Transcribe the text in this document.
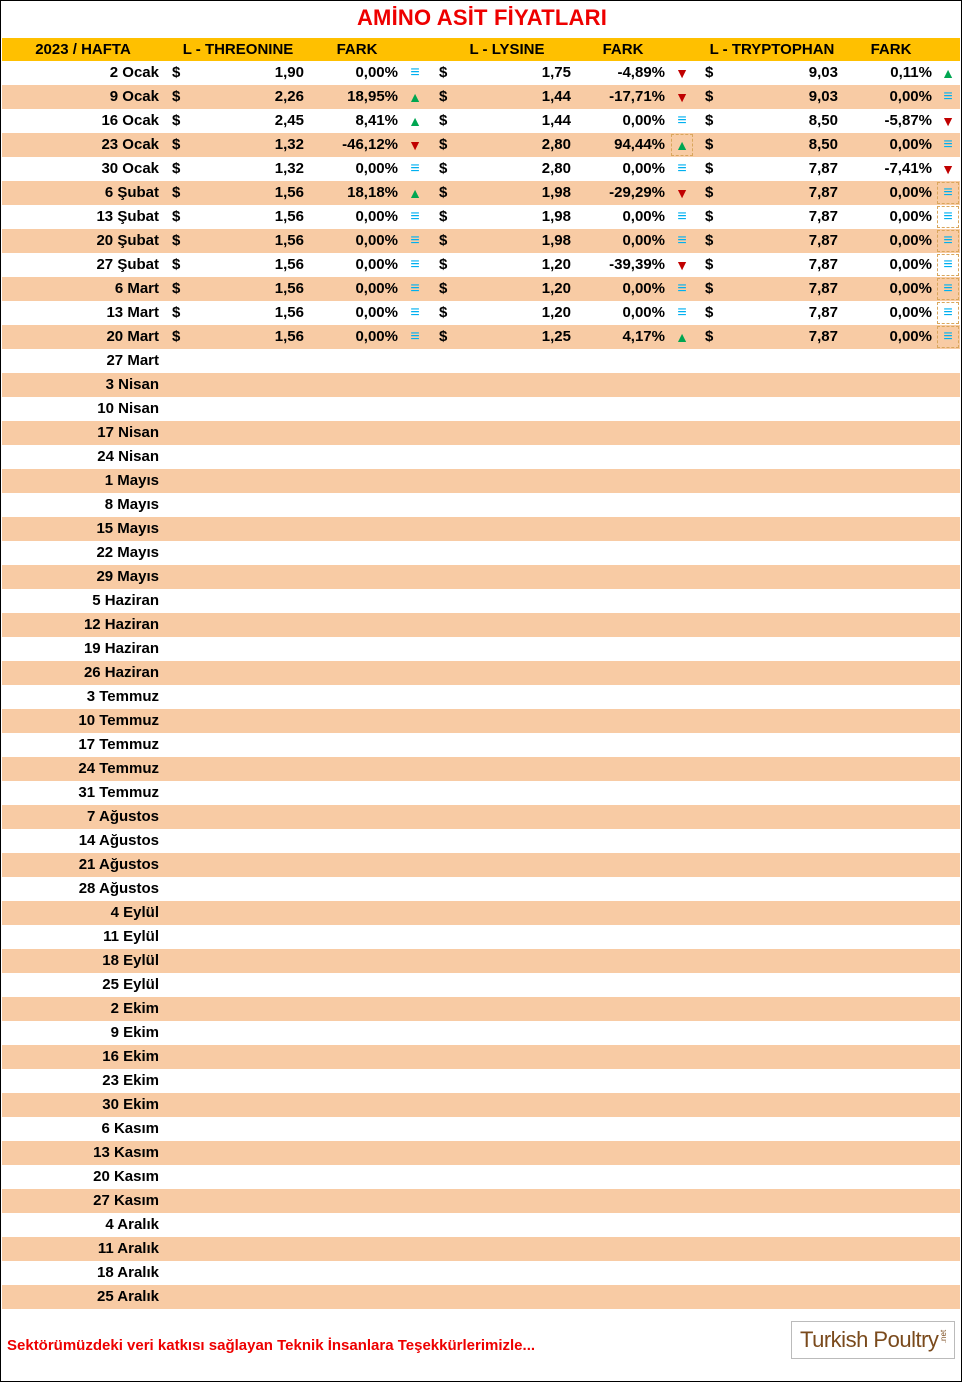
AMİNO ASİT FİYATLARI
2023 / HAFTA	L - THREONINE	FARK	L - LYSINE	FARK	L - TRYPTOPHAN	FARK
2 Ocak $	1,90	0,00% ≡	$	1,75	-4,89% ▼	$	9,03	0,11% ▲
9 Ocak $	2,26	18,95% ▲ $	1,44	-17,71% ▼	$	9,03	0,00% ≡
16 Ocak $	2,45	8,41% ▲ $	1,44	0,00% ≡	$	8,50	-5,87% ▼
23 Ocak $	1,32	-46,12% ▼ $	2,80	94,44% ▲	$	8,50	0,00% ≡
30 Ocak $	1,32	0,00% ≡	$	2,80	0,00% ≡	$	7,87	-7,41% ▼
6 Şubat $	1,56	18,18% ▲ $	1,98	-29,29% ▼	$	7,87	0,00% ≡
13 Şubat $	1,56	0,00% ≡	$	1,98	0,00% ≡	$	7,87	0,00% ≡
20 Şubat $	1,56	0,00% ≡	$	1,98	0,00% ≡	$	7,87	0,00% ≡
27 Şubat $	1,56	0,00% ≡	$	1,20	-39,39% ▼	$	7,87	0,00% ≡
6 Mart $	1,56	0,00% ≡	$	1,20	0,00% ≡	$	7,87	0,00% ≡
13 Mart $	1,56	0,00% ≡	$	1,20	0,00% ≡	$	7,87	0,00% ≡
20 Mart $	1,56	0,00% ≡	$	1,25	4,17% ▲	$	7,87	0,00% ≡
27 Mart
3 Nisan
10 Nisan
17 Nisan
24 Nisan
1 Mayıs
8 Mayıs
15 Mayıs
22 Mayıs
29 Mayıs
5 Haziran
12 Haziran
19 Haziran
26 Haziran
3 Temmuz
10 Temmuz
17 Temmuz
24 Temmuz
31 Temmuz
7 Ağustos
14 Ağustos
21 Ağustos
28 Ağustos
4 Eylül
11 Eylül
18 Eylül
25 Eylül
2 Ekim
9 Ekim
16 Ekim
23 Ekim
30 Ekim
6 Kasım
13 Kasım
20 Kasım
27 Kasım
4 Aralık
11 Aralık
18 Aralık
25 Aralık
Sektörümüzdeki veri katkısı sağlayan Teknik İnsanlara Teşekkürlerimizle...	Turkish Poultry .net
